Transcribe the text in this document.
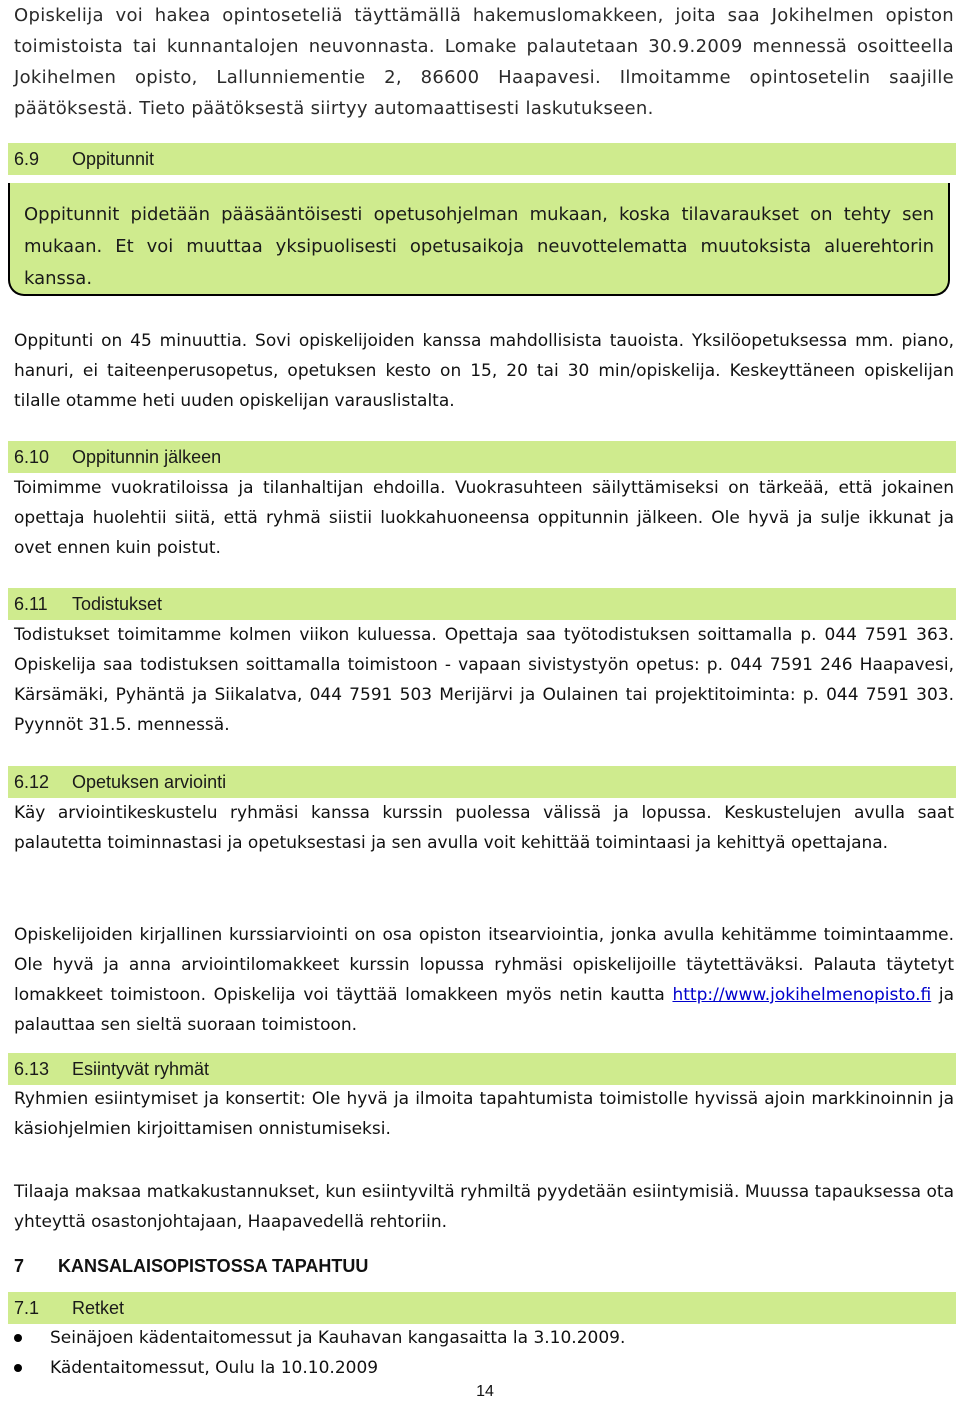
Opiskelija voi hakea opintoseteliä täyttämällä hakemuslomakkeen, joita saa Jokihelmen opiston toimistoista tai kunnantalojen neuvonnasta. Lomake palautetaan 30.9.2009 mennessä osoitteella Jokihelmen opisto, Lallunniementie 2, 86600 Haapavesi. Ilmoitamme opintosetelin saajille päätöksestä. Tieto päätöksestä siirtyy automaattisesti laskutukseen.

6.9 Oppitunnit

Oppitunnit pidetään pääsääntöisesti opetusohjelman mukaan, koska tilavaraukset on tehty sen mukaan. Et voi muuttaa yksipuolisesti opetusaikoja neuvottelematta muutoksista aluerehtorin kanssa.

Oppitunti on 45 minuuttia. Sovi opiskelijoiden kanssa mahdollisista tauoista. Yksilöopetuksessa mm. piano, hanuri, ei taiteenperusopetus, opetuksen kesto on 15, 20 tai 30 min/opiskelija. Keskeyttäneen opiskelijan tilalle otamme heti uuden opiskelijan varauslistalta.

6.10 Oppitunnin jälkeen

Toimimme vuokratiloissa ja tilanhaltijan ehdoilla. Vuokrasuhteen säilyttämiseksi on tärkeää, että jokainen opettaja huolehtii siitä, että ryhmä siistii luokkahuoneensa oppitunnin jälkeen. Ole hyvä ja sulje ikkunat ja ovet ennen kuin poistut.

6.11 Todistukset

Todistukset toimitamme kolmen viikon kuluessa. Opettaja saa työtodistuksen soittamalla p. 044 7591 363. Opiskelija saa todistuksen soittamalla toimistoon - vapaan sivistystyön opetus: p. 044 7591 246 Haapavesi, Kärsämäki, Pyhäntä ja Siikalatva, 044 7591 503 Merijärvi ja Oulainen tai projektitoiminta: p. 044 7591 303. Pyynnöt 31.5. mennessä.

6.12 Opetuksen arviointi

Käy arviointikeskustelu ryhmäsi kanssa kurssin puolessa välissä ja lopussa. Keskustelujen avulla saat palautetta toiminnastasi ja opetuksestasi ja sen avulla voit kehittää toimintaasi ja kehittyä opettajana.

Opiskelijoiden kirjallinen kurssiarviointi on osa opiston itsearviointia, jonka avulla kehitämme toimintaamme. Ole hyvä ja anna arviointilomakkeet kurssin lopussa ryhmäsi opiskelijoille täytettäväksi. Palauta täytetyt lomakkeet toimistoon. Opiskelija voi täyttää lomakkeen myös netin kautta http://www.jokihelmenopisto.fi ja palauttaa sen sieltä suoraan toimistoon.

6.13 Esiintyvät ryhmät

Ryhmien esiintymiset ja konsertit: Ole hyvä ja ilmoita tapahtumista toimistolle hyvissä ajoin markkinoinnin ja käsiohjelmien kirjoittamisen onnistumiseksi.

Tilaaja maksaa matkakustannukset, kun esiintyviltä ryhmiltä pyydetään esiintymisiä. Muussa tapauksessa ota yhteyttä osastonjohtajaan, Haapavedellä rehtoriin.

7 KANSALAISOPISTOSSA TAPAHTUU
7.1 Retket
Seinäjoen kädentaitomessut ja Kauhavan kangasaitta la 3.10.2009.
Kädentaitomessut, Oulu la 10.10.2009
14
